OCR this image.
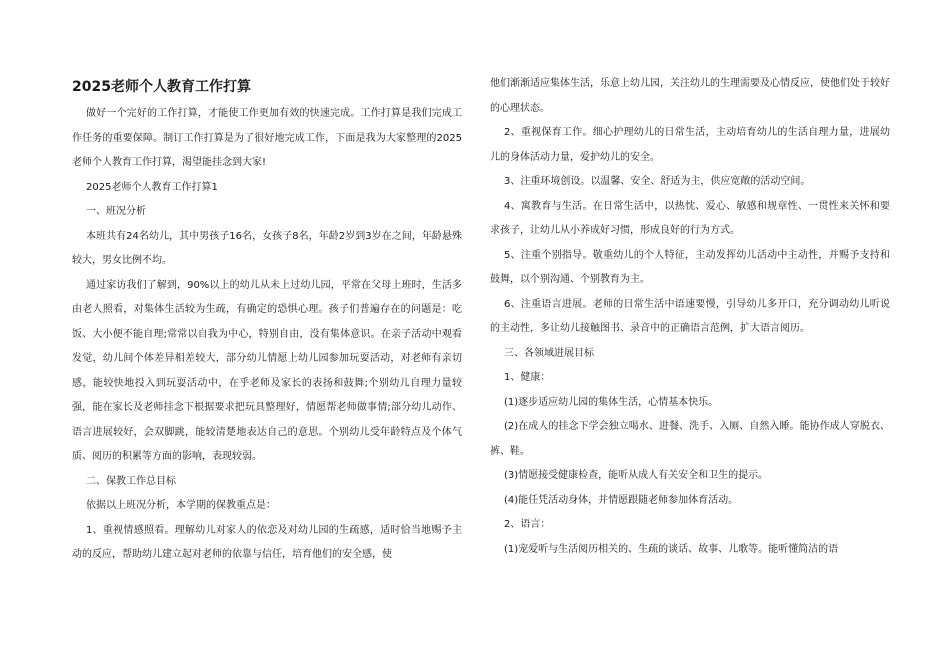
2025老师个人教育工作打算

做好一个完好的工作打算，才能使工作更加有效的快速完成。工作打算是我们完成工作任务的重要保障。制订工作打算是为了很好地完成工作，下面是我为大家整理的2025老师个人教育工作打算，渴望能挂念到大家!

2025老师个人教育工作打算1

一、班况分析

本班共有24名幼儿，其中男孩子16名，女孩子8名，年龄2岁到3岁在之间，年龄悬殊较大，男女比例不均。

通过家访我们了解到，90%以上的幼儿从未上过幼儿园，平常在父母上班时，生活多由老人照看，对集体生活较为生疏，有确定的恐惧心理。孩子们普遍存在的问题是：吃饭、大小便不能自理;常常以自我为中心，特别自由，没有集体意识。在亲子活动中观看发觉，幼儿间个体差异相差较大，部分幼儿情愿上幼儿园参加玩耍活动，对老师有亲切感，能较快地投入到玩耍活动中，在乎老师及家长的表扬和鼓舞;个别幼儿自理力量较强，能在家长及老师挂念下根据要求把玩具整理好，情愿帮老师做事情;部分幼儿动作、语言进展较好，会双脚跳，能较清楚地表达自己的意思。个别幼儿受年龄特点及个体气质、阅历的积累等方面的影响，表现较弱。

二、保教工作总目标

依据以上班况分析，本学期的保教重点是：

1、重视情感照看。理解幼儿对家人的依恋及对幼儿园的生疏感，适时恰当地赐予主动的反应，帮助幼儿建立起对老师的依靠与信任，培育他们的安全感，使

他们渐渐适应集体生活，乐意上幼儿园，关注幼儿的生理需要及心情反应，使他们处于较好的心理状态。

2、重视保育工作。细心护理幼儿的日常生活，主动培育幼儿的生活自理力量，进展幼儿的身体活动力量，爱护幼儿的安全。

3、注重环境创设。以温馨、安全、舒适为主，供应宽敞的活动空间。

4、寓教育与生活。在日常生活中，以热忱、爱心、敏感和规章性、一贯性来关怀和要求孩子，让幼儿从小养成好习惯，形成良好的行为方式。

5、注重个别指导。敬重幼儿的个人特征，主动发挥幼儿活动中主动性，并赐予支持和鼓舞，以个别沟通、个别教育为主。

6、注重语言进展。老师的日常生活中语速要慢，引导幼儿多开口，充分调动幼儿听说的主动性，多让幼儿接触图书、录音中的正确语言范例，扩大语言阅历。

三、各领域进展目标

1、健康：

(1)逐步适应幼儿园的集体生活，心情基本快乐。

(2)在成人的挂念下学会独立喝水、进餐、洗手、入厕、自然入睡。能协作成人穿脱衣、裤、鞋。

(3)情愿接受健康检查，能听从成人有关安全和卫生的提示。

(4)能任凭活动身体，并情愿跟随老师参加体育活动。

2、语言：

(1)宠爱听与生活阅历相关的、生疏的谈话、故事、儿歌等。能听懂简洁的语
